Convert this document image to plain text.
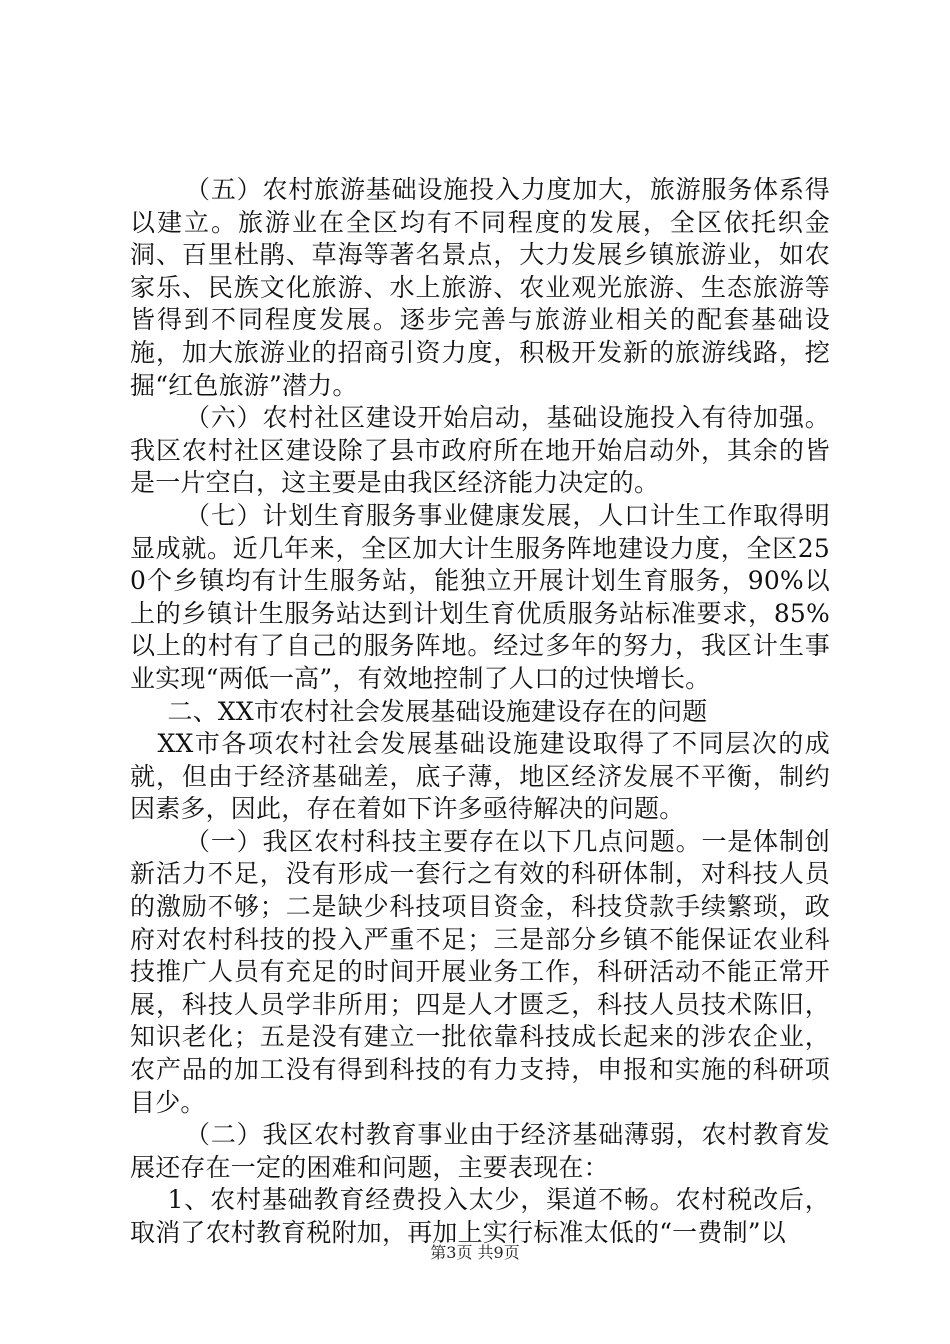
（五）农村旅游基础设施投入力度加大，旅游服务体系得以建立。旅游业在全区均有不同程度的发展，全区依托织金洞、百里杜鹃、草海等著名景点，大力发展乡镇旅游业，如农家乐、民族文化旅游、水上旅游、农业观光旅游、生态旅游等皆得到不同程度发展。逐步完善与旅游业相关的配套基础设施，加大旅游业的招商引资力度，积极开发新的旅游线路，挖掘“红色旅游”潜力。

（六）农村社区建设开始启动，基础设施投入有待加强。我区农村社区建设除了县市政府所在地开始启动外，其余的皆是一片空白，这主要是由我区经济能力决定的。

（七）计划生育服务事业健康发展，人口计生工作取得明显成就。近几年来，全区加大计生服务阵地建设力度，全区250个乡镇均有计生服务站，能独立开展计划生育服务，90%以上的乡镇计生服务站达到计划生育优质服务站标准要求，85%以上的村有了自己的服务阵地。经过多年的努力，我区计生事业实现“两低一高”，有效地控制了人口的过快增长。

二、XX市农村社会发展基础设施建设存在的问题

XX市各项农村社会发展基础设施建设取得了不同层次的成就，但由于经济基础差，底子薄，地区经济发展不平衡，制约因素多，因此，存在着如下许多亟待解决的问题。

（一）我区农村科技主要存在以下几点问题。一是体制创新活力不足，没有形成一套行之有效的科研体制，对科技人员的激励不够；二是缺少科技项目资金，科技贷款手续繁琐，政府对农村科技的投入严重不足；三是部分乡镇不能保证农业科技推广人员有充足的时间开展业务工作，科研活动不能正常开展，科技人员学非所用；四是人才匮乏，科技人员技术陈旧，知识老化；五是没有建立一批依靠科技成长起来的涉农企业，农产品的加工没有得到科技的有力支持，申报和实施的科研项目少。

（二）我区农村教育事业由于经济基础薄弱，农村教育发展还存在一定的困难和问题，主要表现在：

1、农村基础教育经费投入太少，渠道不畅。农村税改后，取消了农村教育税附加，再加上实行标准太低的“一费制”以

第3页 共9页
